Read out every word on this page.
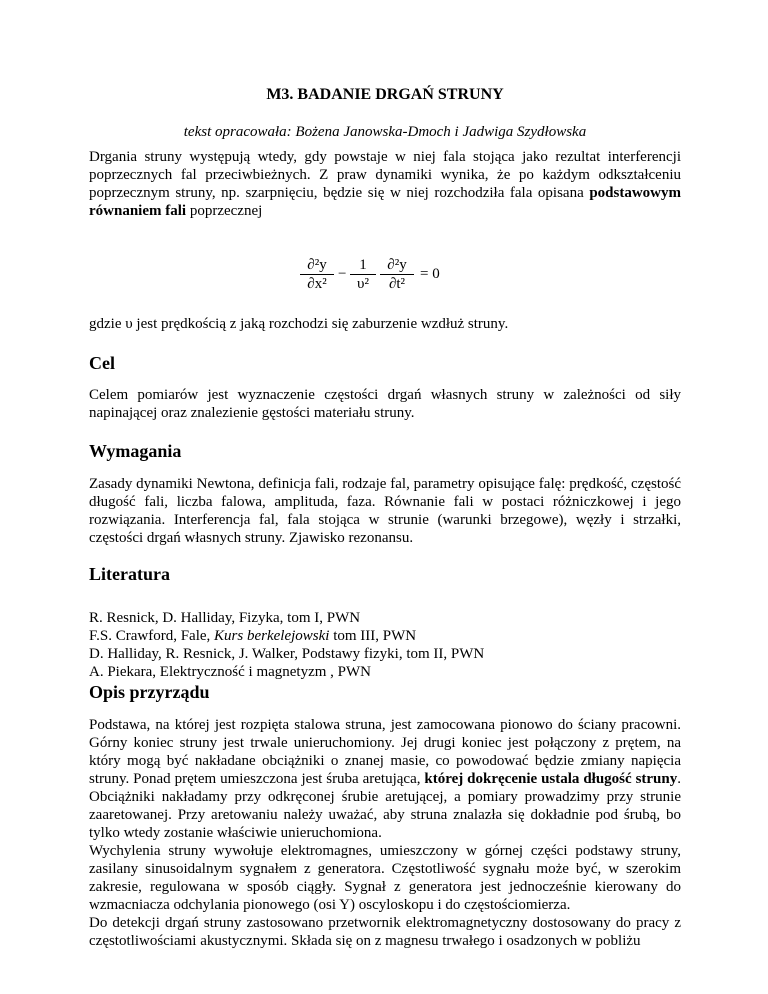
M3. BADANIE DRGAŃ STRUNY
tekst opracowała: Bożena Janowska-Dmoch i Jadwiga Szydłowska

Drgania struny występują wtedy, gdy powstaje w niej fala stojąca jako rezultat interferencji poprzecznych fal przeciwbieżnych. Z praw dynamiki wynika, że po każdym odkształceniu poprzecznym struny, np. szarpnięciu, będzie się w niej rozchodziła fala opisana podstawowym równaniem fali poprzecznej

∂²y
∂x²
−
1
υ²
∂²y
∂t²
= 0

gdzie υ jest prędkością z jaką rozchodzi się zaburzenie wzdłuż struny.

Cel

Celem pomiarów jest wyznaczenie częstości drgań własnych struny w zależności od siły napinającej oraz znalezienie gęstości materiału struny.

Wymagania

Zasady dynamiki Newtona, definicja fali, rodzaje fal, parametry opisujące falę: prędkość, częstość długość fali, liczba falowa, amplituda, faza. Równanie fali w postaci różniczkowej i jego rozwiązania. Interferencja fal, fala stojąca w strunie (warunki brzegowe), węzły i strzałki, częstości drgań własnych struny. Zjawisko rezonansu.

Literatura
R. Resnick, D. Halliday, Fizyka, tom I, PWN
F.S. Crawford, Fale, Kurs berkelejowski tom III, PWN
D. Halliday, R. Resnick, J. Walker, Podstawy fizyki, tom II, PWN
A. Piekara, Elektryczność i magnetyzm , PWN
Opis przyrządu

Podstawa, na której jest rozpięta stalowa struna, jest zamocowana pionowo do ściany pracowni. Górny koniec struny jest trwale unieruchomiony. Jej drugi koniec jest połączony z prętem, na który mogą być nakładane obciążniki o znanej masie, co powodować będzie zmiany napięcia struny. Ponad prętem umieszczona jest śruba aretująca, której dokręcenie ustala długość struny. Obciążniki nakładamy przy odkręconej śrubie aretującej, a pomiary prowadzimy przy strunie zaaretowanej. Przy aretowaniu należy uważać, aby struna znalazła się dokładnie pod śrubą, bo tylko wtedy zostanie właściwie unieruchomiona.

Wychylenia struny wywołuje elektromagnes, umieszczony w górnej części podstawy struny, zasilany sinusoidalnym sygnałem z generatora. Częstotliwość sygnału może być, w szerokim zakresie, regulowana w sposób ciągły. Sygnał z generatora jest jednocześnie kierowany do wzmacniacza odchylania pionowego (osi Y) oscyloskopu i do częstościomierza.

Do detekcji drgań struny zastosowano przetwornik elektromagnetyczny dostosowany do pracy z częstotliwościami akustycznymi. Składa się on z magnesu trwałego i osadzonych w pobliżu
